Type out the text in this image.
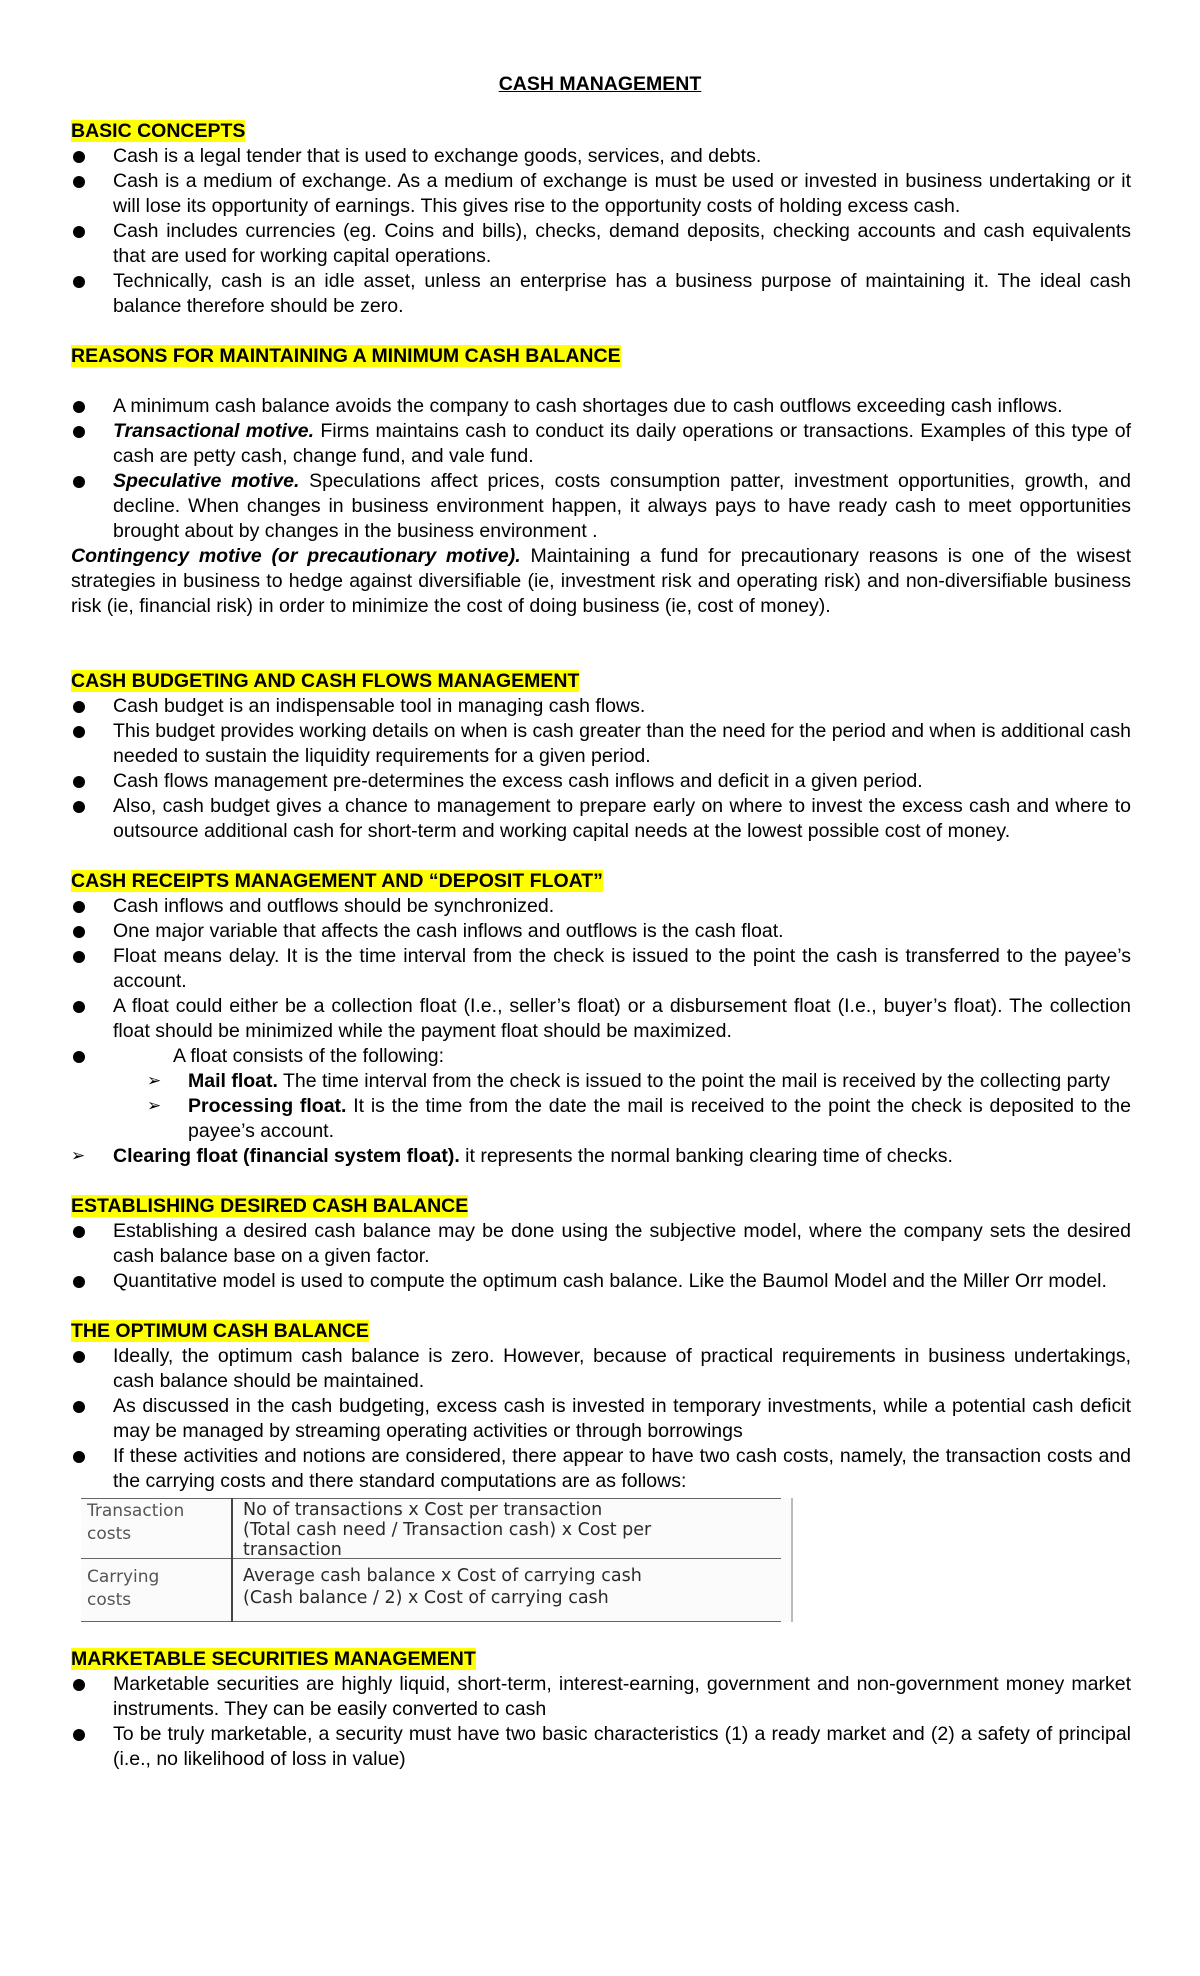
CASH MANAGEMENT
BASIC CONCEPTS
Cash is a legal tender that is used to exchange goods, services, and debts.
Cash is a medium of exchange. As a medium of exchange is must be used or invested in business undertaking or it will lose its opportunity of earnings. This gives rise to the opportunity costs of holding excess cash.
Cash includes currencies (eg. Coins and bills), checks, demand deposits, checking accounts and cash equivalents that are used for working capital operations.
Technically, cash is an idle asset, unless an enterprise has a business purpose of maintaining it. The ideal cash balance therefore should be zero.
REASONS FOR MAINTAINING A MINIMUM CASH BALANCE
A minimum cash balance avoids the company to cash shortages due to cash outflows exceeding cash inflows.
Transactional motive. Firms maintains cash to conduct its daily operations or transactions. Examples of this type of cash are petty cash, change fund, and vale fund.
Speculative motive. Speculations affect prices, costs consumption patter, investment opportunities, growth, and decline. When changes in business environment happen, it always pays to have ready cash to meet opportunities brought about by changes in the business environment .
Contingency motive (or precautionary motive). Maintaining a fund for precautionary reasons is one of the wisest strategies in business to hedge against diversifiable (ie, investment risk and operating risk) and non-diversifiable business risk (ie, financial risk) in order to minimize the cost of doing business (ie, cost of money).
CASH BUDGETING AND CASH FLOWS MANAGEMENT
Cash budget is an indispensable tool in managing cash flows.
This budget provides working details on when is cash greater than the need for the period and when is additional cash needed to sustain the liquidity requirements for a given period.
Cash flows management pre-determines the excess cash inflows and deficit in a given period.
Also, cash budget gives a chance to management to prepare early on where to invest the excess cash and where to outsource additional cash for short-term and working capital needs at the lowest possible cost of money.
CASH RECEIPTS MANAGEMENT AND “DEPOSIT FLOAT”
Cash inflows and outflows should be synchronized.
One major variable that affects the cash inflows and outflows is the cash float.
Float means delay. It is the time interval from the check is issued to the point the cash is transferred to the payee’s account.
A float could either be a collection float (I.e., seller’s float) or a disbursement float (I.e., buyer’s float). The collection float should be minimized while the payment float should be maximized.
A float consists of the following:
➢ Mail float. The time interval from the check is issued to the point the mail is received by the collecting party
➢ Processing float. It is the time from the date the mail is received to the point the check is deposited to the payee’s account.
➢ Clearing float (financial system float). it represents the normal banking clearing time of checks.
ESTABLISHING DESIRED CASH BALANCE
Establishing a desired cash balance may be done using the subjective model, where the company sets the desired cash balance base on a given factor.
Quantitative model is used to compute the optimum cash balance. Like the Baumol Model and the Miller Orr model.
THE OPTIMUM CASH BALANCE
Ideally, the optimum cash balance is zero. However, because of practical requirements in business undertakings, cash balance should be maintained.
As discussed in the cash budgeting, excess cash is invested in temporary investments, while a potential cash deficit may be managed by streaming operating activities or through borrowings
If these activities and notions are considered, there appear to have two cash costs, namely, the transaction costs and the carrying costs and there standard computations are as follows:
Transaction
costs
No of transactions x Cost per transaction
(Total cash need / Transaction cash) x Cost per
transaction
Carrying
costs
Average cash balance x Cost of carrying cash
(Cash balance / 2) x Cost of carrying cash
MARKETABLE SECURITIES MANAGEMENT
Marketable securities are highly liquid, short-term, interest-earning, government and non-government money market instruments. They can be easily converted to cash
To be truly marketable, a security must have two basic characteristics (1) a ready market and (2) a safety of principal (i.e., no likelihood of loss in value)
